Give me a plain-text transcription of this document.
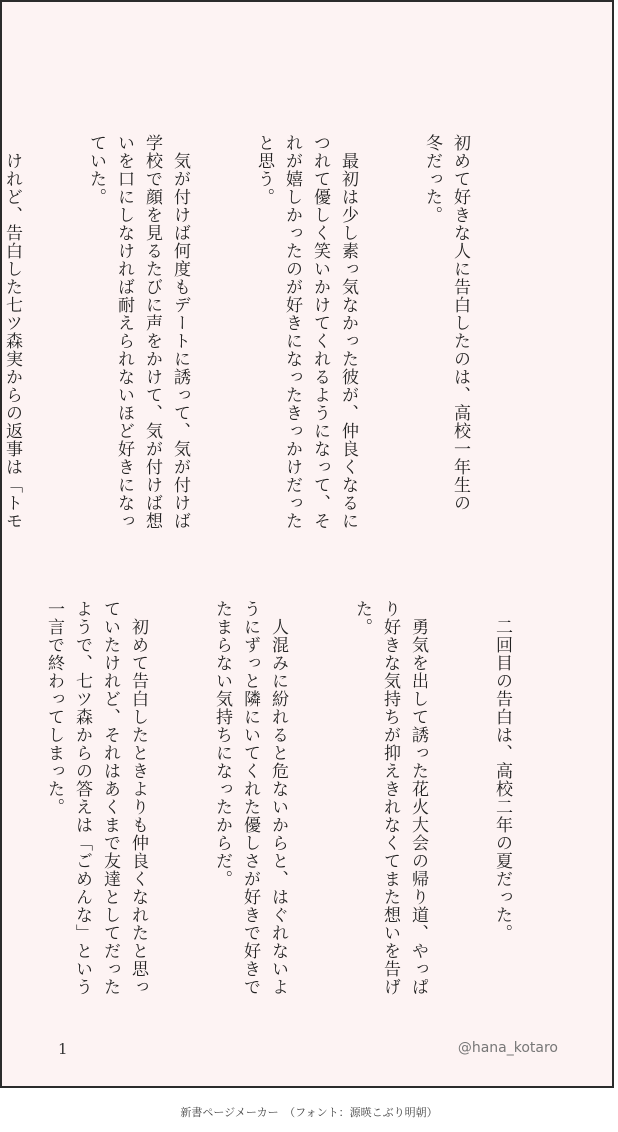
初めて好きな人に告白したのは、高校一年生の
冬だった。

　最初は少し素っ気なかった彼が、仲良くなるに
つれて優しく笑いかけてくれるようになって、そ
れが嬉しかったのが好きになったきっかけだった
と思う。

　気が付けば何度もデートに誘って、気が付けば
学校で顔を見るたびに声をかけて、気が付けば想
いを口にしなければ耐えられないほど好きになっ
ていた。

　けれど、告白した七ツ森実からの返事は「トモ

　二回目の告白は、高校二年の夏だった。

　勇気を出して誘った花火大会の帰り道、やっぱ
り好きな気持ちが抑えきれなくてまた想いを告げ
た。

　人混みに紛れると危ないからと、はぐれないよ
うにずっと隣にいてくれた優しさが好きで好きで
たまらない気持ちになったからだ。

　初めて告白したときよりも仲良くなれたと思っ
ていたけれど、それはあくまで友達としてだった
ようで、七ツ森からの答えは「ごめんな」という
一言で終わってしまった。

1	@hana_kotaro
新書ページメーカー　（フォント：源暎こぶり明朝）
